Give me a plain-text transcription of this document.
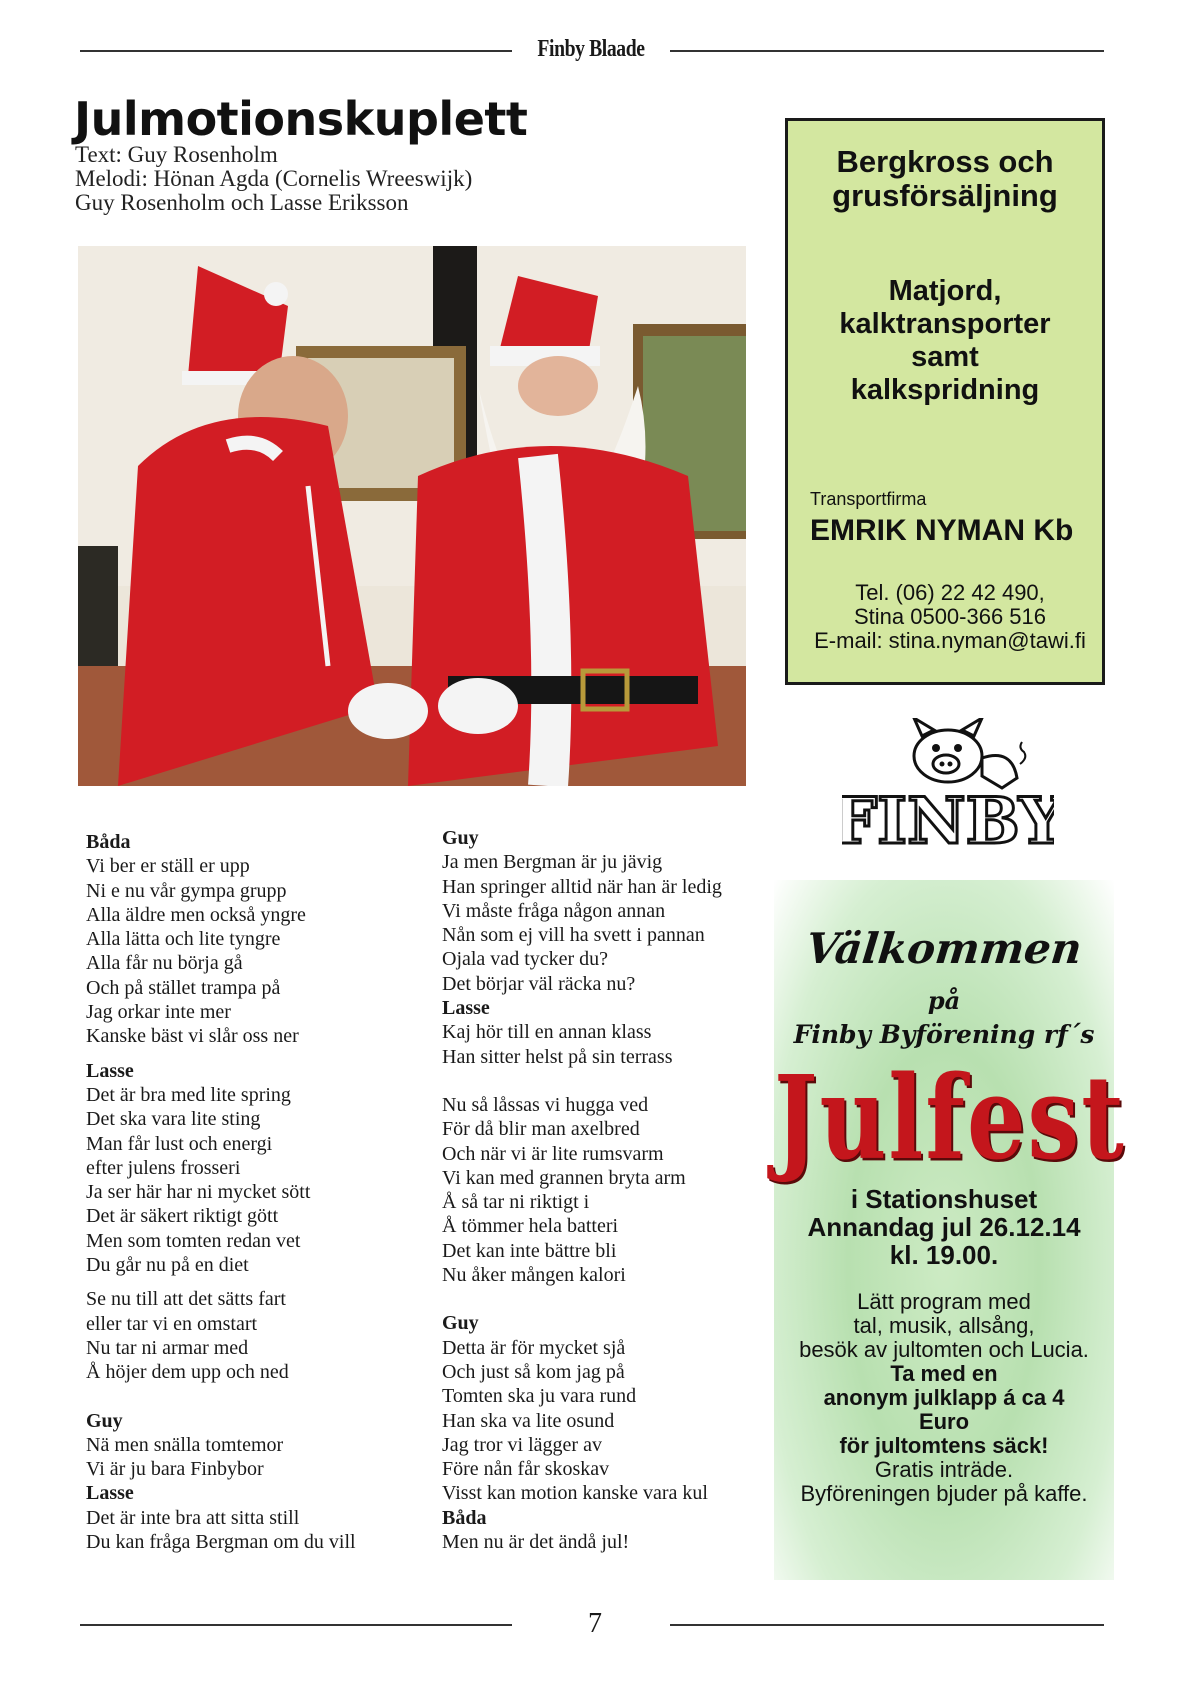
Finby Blaade
Julmotionskuplett
Text: Guy Rosenholm
Melodi: Hönan Agda (Cornelis Wreeswijk)
Guy Rosenholm och Lasse Eriksson
Båda
Vi ber er ställ er upp
Ni e nu vår gympa grupp
Alla äldre men också yngre
Alla lätta och lite tyngre
Alla får nu börja gå
Och på stället trampa på
Jag orkar inte mer
Kanske bäst vi slår oss ner
Lasse
Det är bra med lite spring
Det ska vara lite sting
Man får lust och energi
efter julens frosseri
Ja ser här har ni mycket sött
Det är säkert riktigt gött
Men som tomten redan vet
Du går nu på en diet
Se nu till att det sätts fart
eller tar vi en omstart
Nu tar ni armar med
Å höjer dem upp och ned
Guy
Nä men snälla tomtemor
Vi är ju bara Finbybor
Lasse
Det är inte bra att sitta still
Du kan fråga Bergman om du vill
Guy
Ja men Bergman är ju jävig
Han springer alltid när han är ledig
Vi måste fråga någon annan
Nån som ej vill ha svett i pannan
Ojala vad tycker du?
Det börjar väl räcka nu?
Lasse
Kaj hör till en annan klass
Han sitter helst på sin terrass
Nu så låssas vi hugga ved
För då blir man axelbred
Och när vi är lite rumsvarm
Vi kan med grannen bryta arm
Å så tar ni riktigt i
Å tömmer hela batteri
Det kan inte bättre bli
Nu åker mången kalori
Guy
Detta är för mycket sjå
Och just så kom jag på
Tomten ska ju vara rund
Han ska va lite osund
Jag tror vi lägger av
Före nån får skoskav
Visst kan motion kanske vara kul
Båda
Men nu är det ändå jul!
Bergkross och
grusförsäljning
Matjord,
kalktransporter
samt
kalkspridning
Transportfirma
EMRIK NYMAN Kb
Tel. (06) 22 42 490,
Stina 0500-366 516
E-mail: stina.nyman@tawi.fi
FINBY
Välkommen
på
Finby Byförening rf´s
Julfest
i Stationshuset
Annandag jul 26.12.14
kl. 19.00.
Lätt program med
tal, musik, allsång,
besök av jultomten och Lucia.
Ta med en
anonym julklapp á ca 4
Euro
för jultomtens säck!
Gratis inträde.
Byföreningen bjuder på kaffe.
7
